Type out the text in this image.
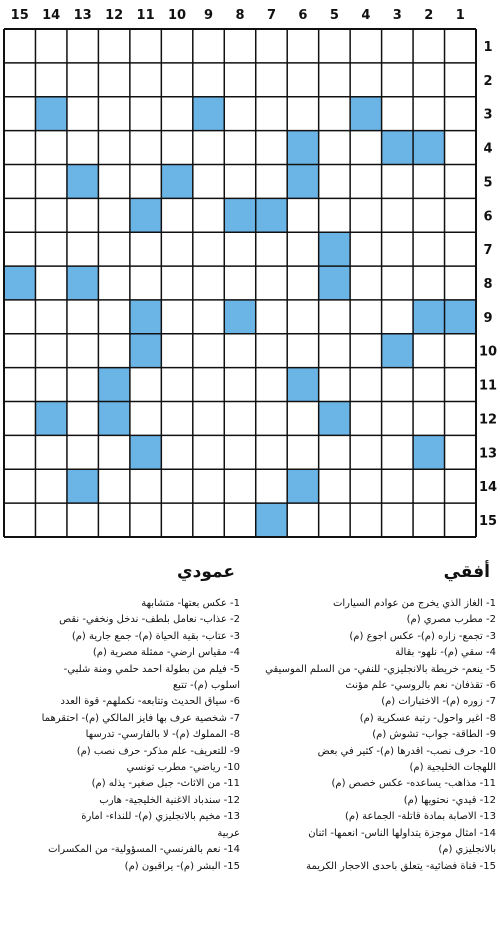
15 14 13 12 11 10 9 8 7 6 5 4 3 2 1
1
2
3
4
5
6
7
8
9
10
11
12
13
14
15
أفقي
عمودي
1- الغاز الذي يخرج من عوادم السيارات
2- مطرب مصري (م)
3- تجمع- زاره (م)- عكس اجوع (م)
4- سقي (م)- نلهو- بقالة
5- ينعم- خريطة بالانجليزي- للنفي- من السلم الموسيقي
6- تقذفان- نعم بالروسي- علم مؤنث
7- زوره (م)- الاختبارات (م)
8- اغير واحول- رتبة عسكرية (م)
9- الطاقة- جواب- تشوش (م)
10- حرف نصب- اقدرها (م)- كثير في بعض
اللهجات الخليجية (م)
11- مذاهب- يساعده- عكس خصص (م)
12- قيدي- نحتويها (م)
13- الاصابة بمادة قاتلة- الجماعة (م)
14- امثال موجزة يتداولها الناس- انعمها- اثنان
بالانجليزي (م)
15- قناة فضائية- يتعلق باحدى الاحجار الكريمة
1- عكس بعتها- متشابهة
2- عذاب- نعامل بلطف- ندخل ونخفي- نقص
3- عتاب- بقية الحياة (م)- جمع جارية (م)
4- مقياس ارضي- ممثلة مصرية (م)
5- فيلم من بطولة احمد حلمي ومنة شلبي-
اسلوب (م)- تتبع
6- سياق الحديث وتتابعه- نكملهم- قوة العدد
7- شخصية عرف بها فايز المالكي (م)- احتقرهما
8- المملوك (م)- لا بالفارسي- تدرسها
9- للتعريف- علم مذكر- حرف نصب (م)
10- رياضي- مطرب تونسي
11- من الاثاث- جبل صغير- يذله (م)
12- سندباد الاغنية الخليجية- هارب
13- مخيم بالانجليزي (م)- للنداء- امارة
عربية
14- نعم بالفرنسي- المسؤولية- من المكسرات
15- البشر (م)- يراقبون (م)
